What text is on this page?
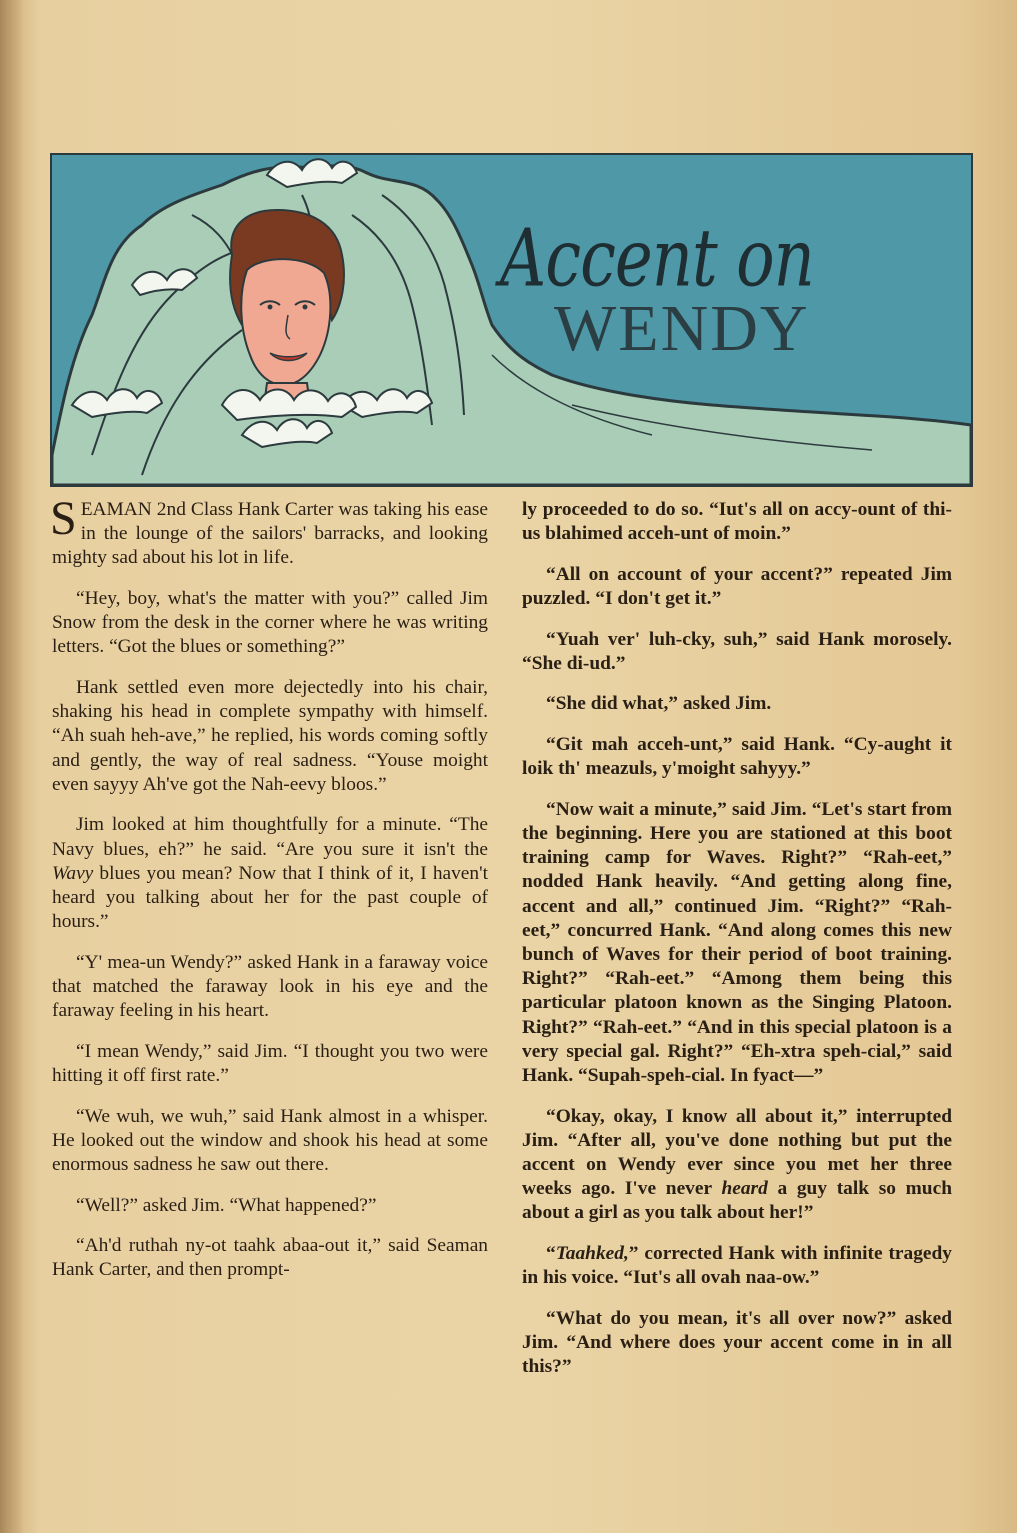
Accent on

WENDY

SEAMAN 2nd Class Hank Carter was taking his ease in the lounge of the sailors' barracks, and looking mighty sad about his lot in life.

“Hey, boy, what's the matter with you?” called Jim Snow from the desk in the corner where he was writing letters. “Got the blues or something?”

Hank settled even more dejectedly into his chair, shaking his head in complete sympathy with himself. “Ah suah heh-ave,” he replied, his words coming softly and gently, the way of real sadness. “Youse moight even sayyy Ah've got the Nah-eevy bloos.”

Jim looked at him thoughtfully for a minute. “The Navy blues, eh?” he said. “Are you sure it isn't the Wavy blues you mean? Now that I think of it, I haven't heard you talking about her for the past couple of hours.”

“Y' mea-un Wendy?” asked Hank in a faraway voice that matched the faraway look in his eye and the faraway feeling in his heart.

“I mean Wendy,” said Jim. “I thought you two were hitting it off first rate.”

“We wuh, we wuh,” said Hank almost in a whisper. He looked out the window and shook his head at some enormous sadness he saw out there.

“Well?” asked Jim. “What happened?”

“Ah'd ruthah ny-ot taahk abaa-out it,” said Seaman Hank Carter, and then prompt-

ly proceeded to do so. “Iut's all on accy-ount of thi-us blahimed acceh-unt of moin.”

“All on account of your accent?” repeated Jim puzzled. “I don't get it.”

“Yuah ver' luh-cky, suh,” said Hank morosely. “She di-ud.”

“She did what,” asked Jim.

“Git mah acceh-unt,” said Hank. “Cy-aught it loik th' meazuls, y'moight sahyyy.”

“Now wait a minute,” said Jim. “Let's start from the beginning. Here you are stationed at this boot training camp for Waves. Right?” “Rah-eet,” nodded Hank heavily. “And getting along fine, accent and all,” continued Jim. “Right?” “Rah-eet,” concurred Hank. “And along comes this new bunch of Waves for their period of boot training. Right?” “Rah-eet.” “Among them being this particular platoon known as the Singing Platoon. Right?” “Rah-eet.” “And in this special platoon is a very special gal. Right?” “Eh-xtra speh-cial,” said Hank. “Supah-speh-cial. In fyact—”

“Okay, okay, I know all about it,” interrupted Jim. “After all, you've done nothing but put the accent on Wendy ever since you met her three weeks ago. I've never heard a guy talk so much about a girl as you talk about her!”

“Taahked,” corrected Hank with infinite tragedy in his voice. “Iut's all ovah naa-ow.”

“What do you mean, it's all over now?” asked Jim. “And where does your accent come in in all this?”
